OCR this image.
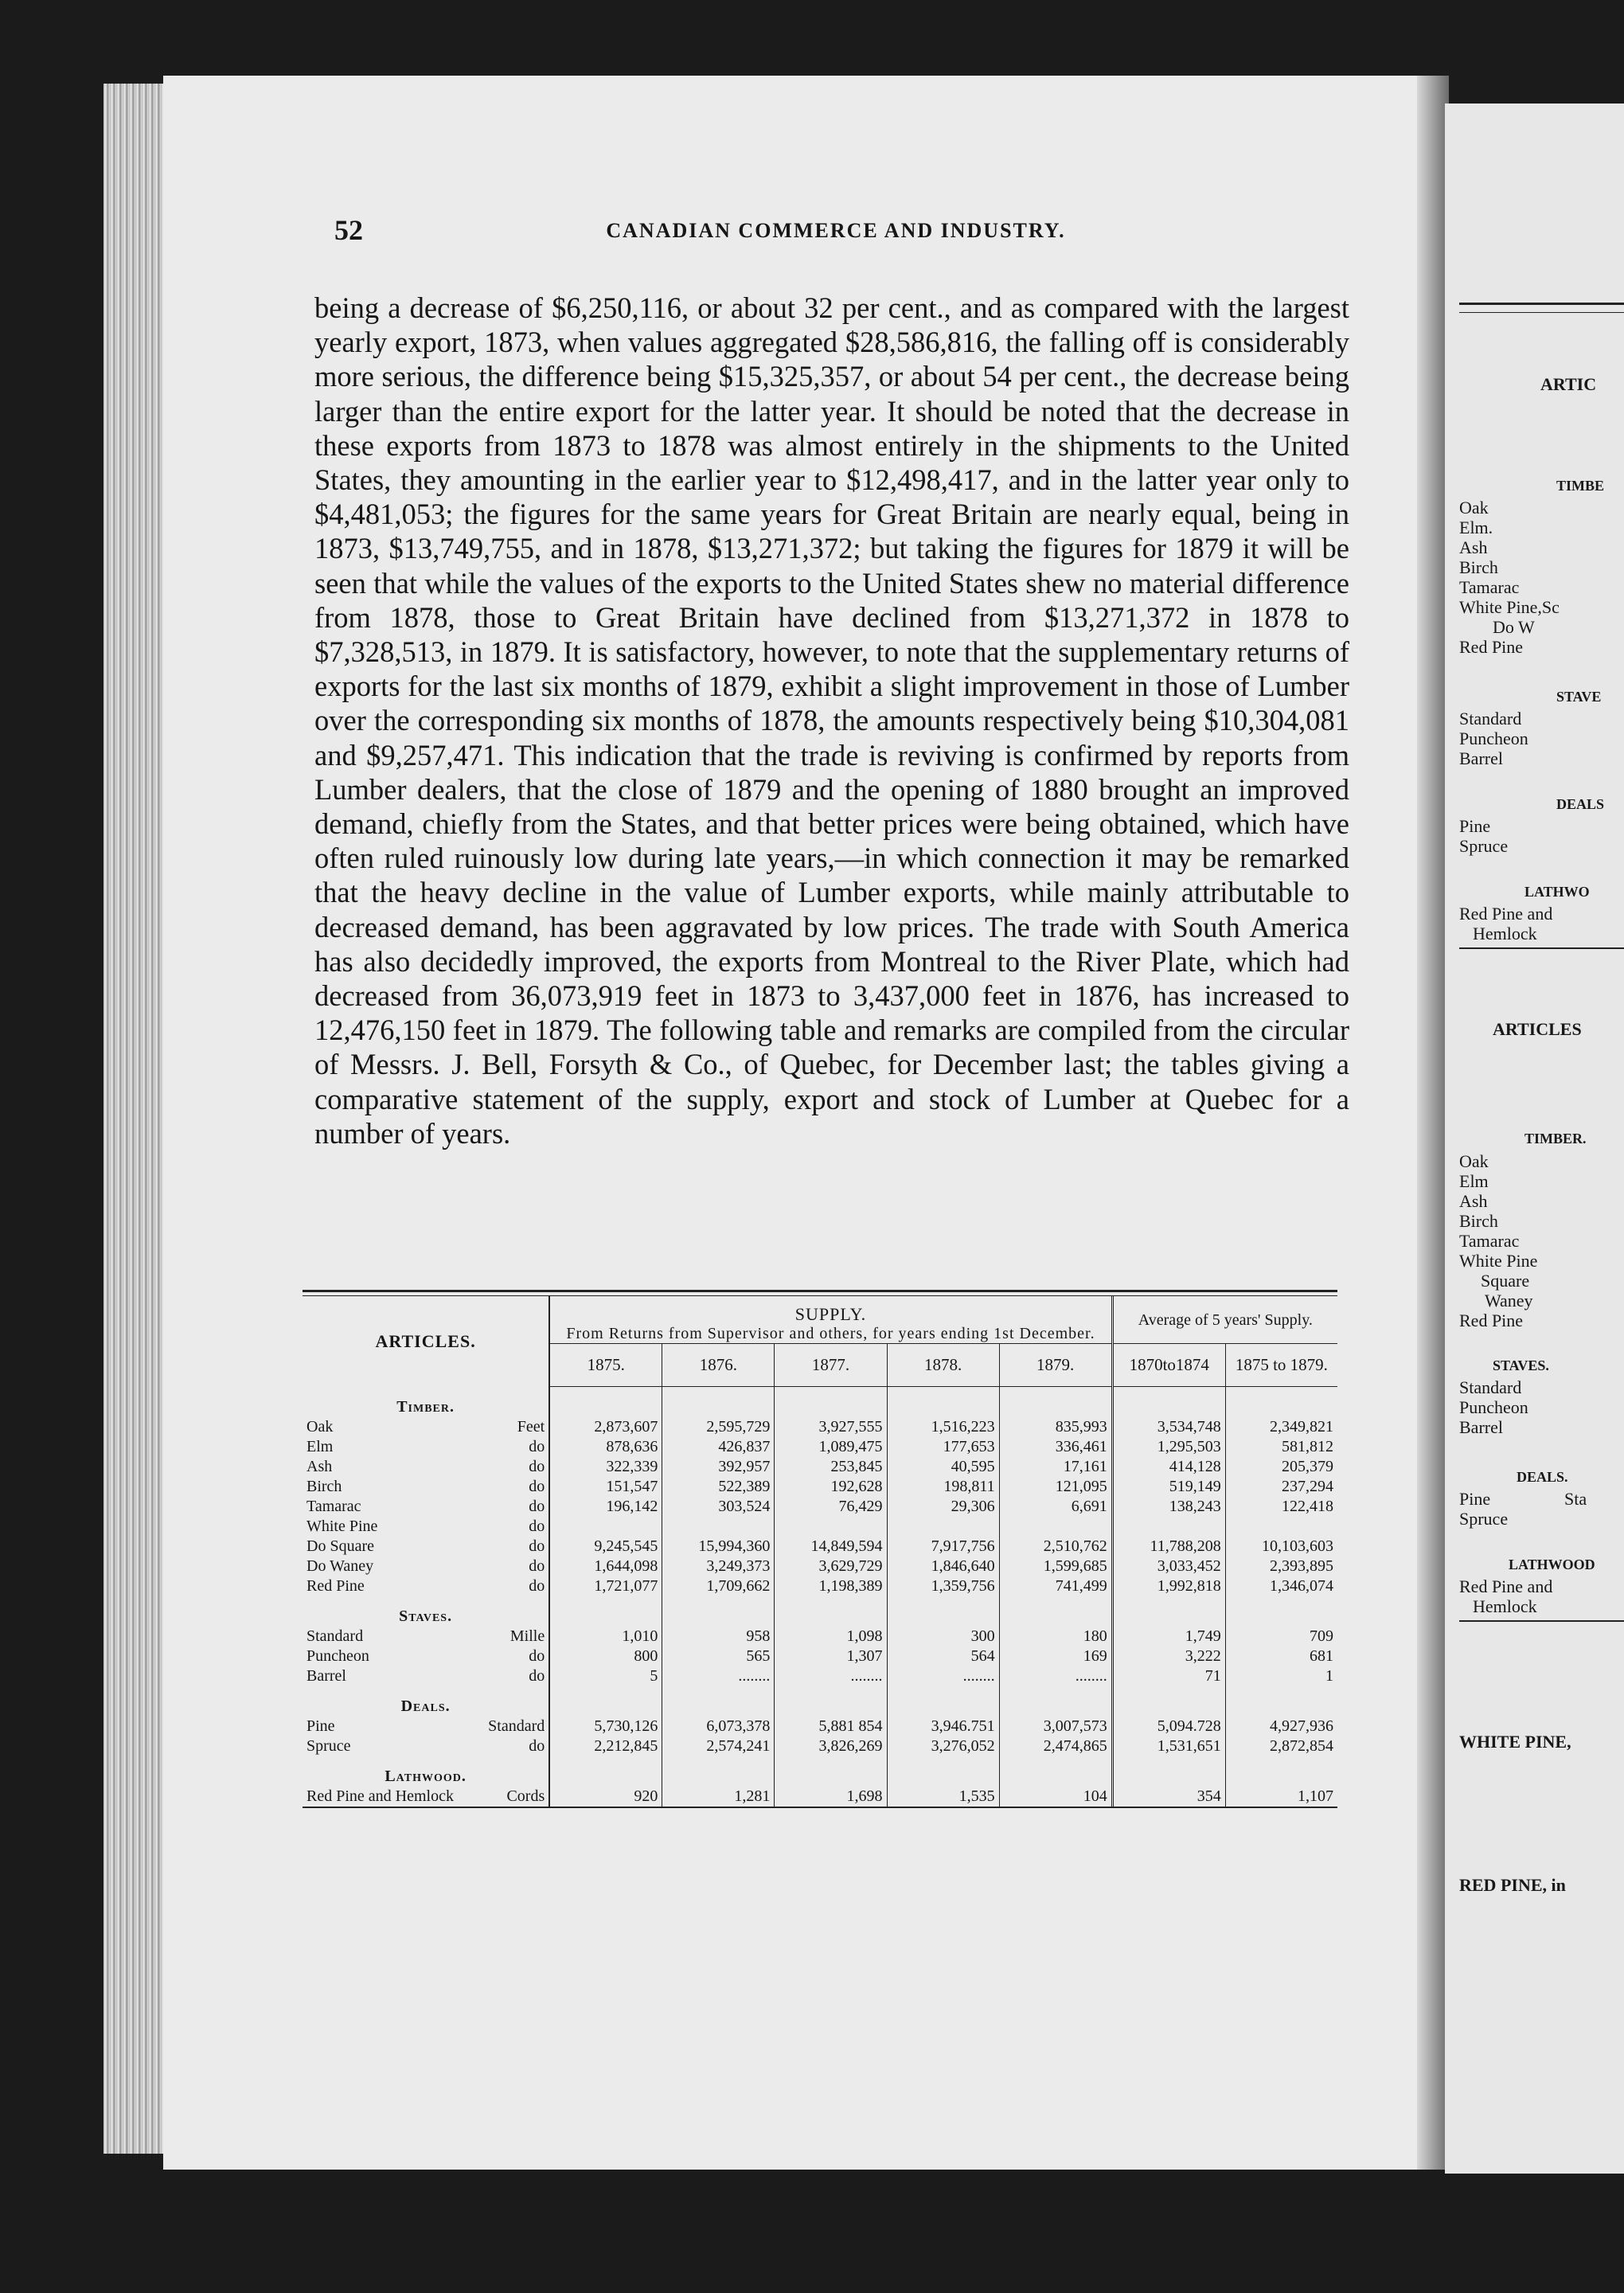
ARTIC
TIMBE
Oak
Elm.
Ash
Birch
Tamarac
White Pine,Sc
Do W
Red Pine
STAVE
Standard
Puncheon
Barrel
DEALS
Pine
Spruce
LATHWO
Red Pine and
Hemlock
ARTICLES
TIMBER.
Oak
Elm
Ash
Birch
Tamarac
White Pine
Square
Waney
Red Pine
STAVES.
Standard
Puncheon
Barrel
DEALS.
Pine	Sta
Spruce
LATHWOOD
Red Pine and
Hemlock
WHITE PINE,
RED PINE, in
52	CANADIAN COMMERCE AND INDUSTRY.

being a decrease of $6,250,116, or about 32 per cent., and as compared with the largest yearly export, 1873, when values aggregated $28,586,816, the falling off is considerably more serious, the difference being $15,325,357, or about 54 per cent., the decrease being larger than the entire export for the latter year. It should be noted that the decrease in these exports from 1873 to 1878 was almost entirely in the shipments to the United States, they amounting in the earlier year to $12,498,417, and in the latter year only to $4,481,053; the figures for the same years for Great Britain are nearly equal, being in 1873, $13,749,755, and in 1878, $13,271,372; but taking the figures for 1879 it will be seen that while the values of the exports to the United States shew no material difference from 1878, those to Great Britain have declined from $13,271,372 in 1878 to $7,328,513, in 1879. It is satisfactory, however, to note that the supplementary returns of exports for the last six months of 1879, exhibit a slight improvement in those of Lumber over the corresponding six months of 1878, the amounts respectively being $10,304,081 and $9,257,471. This indication that the trade is reviving is confirmed by reports from Lumber dealers, that the close of 1879 and the opening of 1880 brought an improved demand, chiefly from the States, and that better prices were being obtained, which have often ruled ruinously low during late years,—in which connection it may be remarked that the heavy decline in the value of Lumber exports, while mainly attributable to decreased demand, has been aggravated by low prices. The trade with South America has also decidedly improved, the exports from Montreal to the River Plate, which had decreased from 36,073,919 feet in 1873 to 3,437,000 feet in 1876, has increased to 12,476,150 feet in 1879. The following table and remarks are compiled from the circular of Messrs. J. Bell, Forsyth & Co., of Quebec, for December last; the tables giving a comparative statement of the supply, export and stock of Lumber at Quebec for a number of years.

ARTICLES.	SUPPLY.
From Returns from Supervisor and others, for years ending 1st December.					Average of 5 years' Supply.	
	1875.	1876.	1877.	1878.	1879.	1870to1874	1875 to 1879.
Timber.							
Oak Feet	2,873,607	2,595,729	3,927,555	1,516,223	835,993	3,534,748	2,349,821
Elm do	878,636	426,837	1,089,475	177,653	336,461	1,295,503	581,812
Ash do	322,339	392,957	253,845	40,595	17,161	414,128	205,379
Birch do	151,547	522,389	192,628	198,811	121,095	519,149	237,294
Tamarac do	196,142	303,524	76,429	29,306	6,691	138,243	122,418
White Pine do							

Do Square do	9,245,545	15,994,360	14,849,594	7,917,756	2,510,762	11,788,208	10,103,603
Do Waney do	1,644,098	3,249,373	3,629,729	1,846,640	1,599,685	3,033,452	2,393,895
Red Pine do	1,721,077	1,709,662	1,198,389	1,359,756	741,499	1,992,818	1,346,074
Staves.							
Standard Mille	1,010	958	1,098	300	180	1,749	709
Puncheon do	800	565	1,307	564	169	3,222	681
Barrel do	5	........	........	........	........	71	1
Deals.							
Pine Standard	5,730,126	6,073,378	5,881 854	3,946.751	3,007,573	5,094.728	4,927,936
Spruce do	2,212,845	2,574,241	3,826,269	3,276,052	2,474,865	1,531,651	2,872,854
Lathwood.							
Red Pine and Hemlock Cords	920	1,281	1,698	1,535	104	354	1,107
